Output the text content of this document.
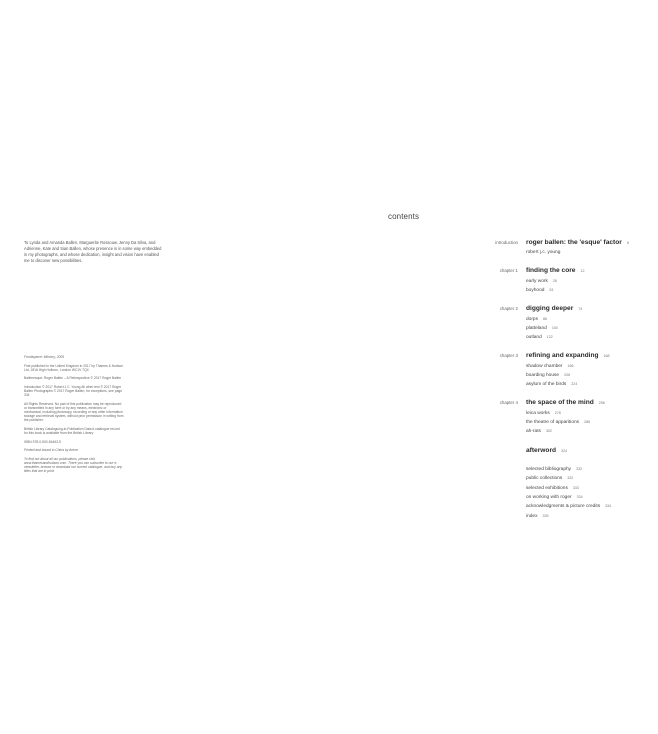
contents
To Lynda and Amanda Ballen, Marguerite Rossouw, Jenny Da Silva, and Adrienne, Kate and Sian Ballen, whose presence is in some way embedded in my photographs, and whose dedication, insight and vision have enabled me to discover new possibilities.

Frontispiece: Mimicry, 2005

First published in the United Kingdom in 2017 by Thames & Hudson Ltd, 181A High Holborn, London WC1V 7QX

Ballenesque: Roger Ballen – A Retrospective © 2017 Roger Ballen

Introduction © 2017 Robert J.C. Young All other text © 2017 Roger Ballen Photographs © 2017 Roger Ballen, for exceptions, see page 334

All Rights Reserved. No part of this publication may be reproduced or transmitted in any form or by any means, electronic or mechanical, including photocopy, recording or any other information storage and retrieval system, without prior permission in writing from the publisher.

British Library Cataloguing-in-Publication Data A catalogue record for this book is available from the British Library

ISBN 978-0-500-54463-5

Printed and bound in China by Artron

To find out about all our publications, please visit www.thamesandhudson.com. There you can subscribe to our e-newsletter, browse or download our current catalogue, and buy any titles that are in print.

introduction roger ballen: the 'esque' factor 6
robert j.c. young
chapter 1 finding the core 12
early work 26
boyhood 53
chapter 2 digging deeper 74
dorps 86
platteland 100
outland 122
chapter 3 refining and expanding 168
shadow chamber 166
boarding house 206
asylum of the birds 224
chapter 4 the space of the mind 256
leica works 278
the theatre of apparitions 286
ah-rats 302
afterword 324
selected bibliography 332
public collections 332
selected exhibitions 333
on working with roger 334
acknowledgments & picture credits 334
index 335
